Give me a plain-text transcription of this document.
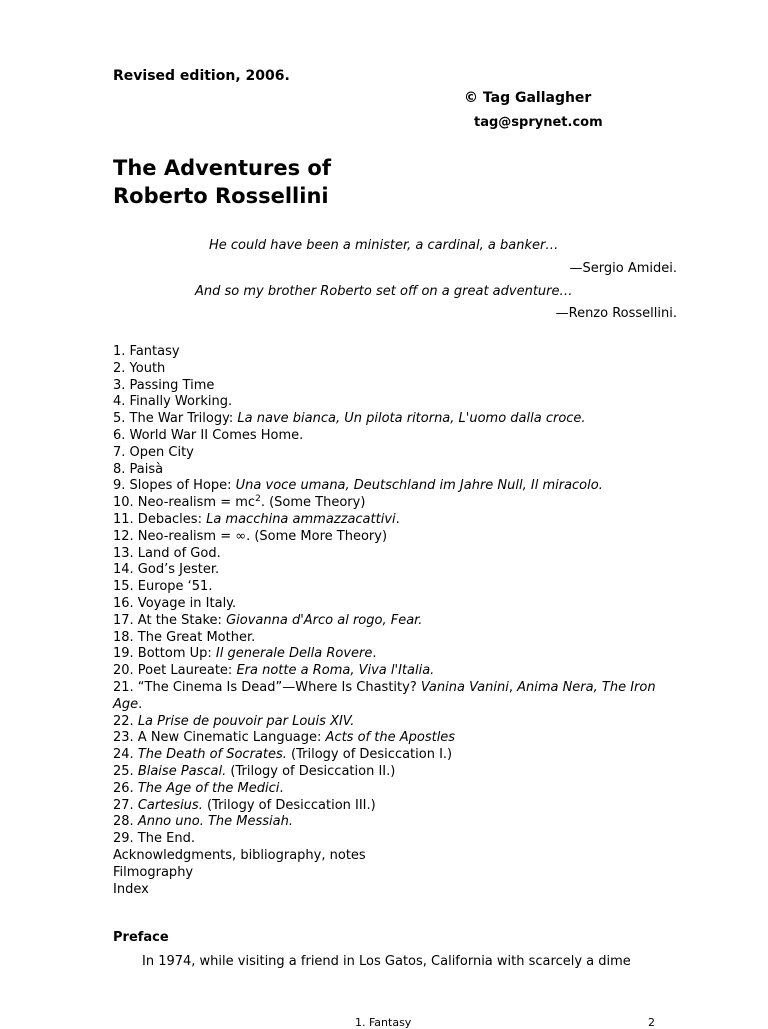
Revised edition, 2006.
© Tag Gallagher
tag@sprynet.com
The Adventures of
Roberto Rossellini
He could have been a minister, a cardinal, a banker…
—Sergio Amidei.
And so my brother Roberto set off on a great adventure…
—Renzo Rossellini.
1. Fantasy
2. Youth
3. Passing Time
4. Finally Working.
5. The War Trilogy: La nave bianca, Un pilota ritorna, L'uomo dalla croce.
6. World War II Comes Home.
7. Open City
8. Paisà
9. Slopes of Hope: Una voce umana, Deutschland im Jahre Null, Il miracolo.
10. Neo-realism = $mc^2$. (Some Theory)
11. Debacles: La macchina ammazzacattivi.
12. Neo-realism = ∞. (Some More Theory)
13. Land of God.
14. God’s Jester.
15. Europe ‘51.
16. Voyage in Italy.
17. At the Stake: Giovanna d'Arco al rogo, Fear.
18. The Great Mother.
19. Bottom Up: Il generale Della Rovere.
20. Poet Laureate: Era notte a Roma, Viva l'Italia.
21. “The Cinema Is Dead”—Where Is Chastity? Vanina Vanini, Anima Nera, The Iron Age.
22. La Prise de pouvoir par Louis XIV.
23. A New Cinematic Language: Acts of the Apostles
24. The Death of Socrates. (Trilogy of Desiccation I.)
25. Blaise Pascal. (Trilogy of Desiccation II.)
26. The Age of the Medici.
27. Cartesius. (Trilogy of Desiccation III.)
28. Anno uno. The Messiah.
29. The End.
Acknowledgments, bibliography, notes
Filmography
Index
Preface
In 1974, while visiting a friend in Los Gatos, California with scarcely a dime
1. Fantasy	2
